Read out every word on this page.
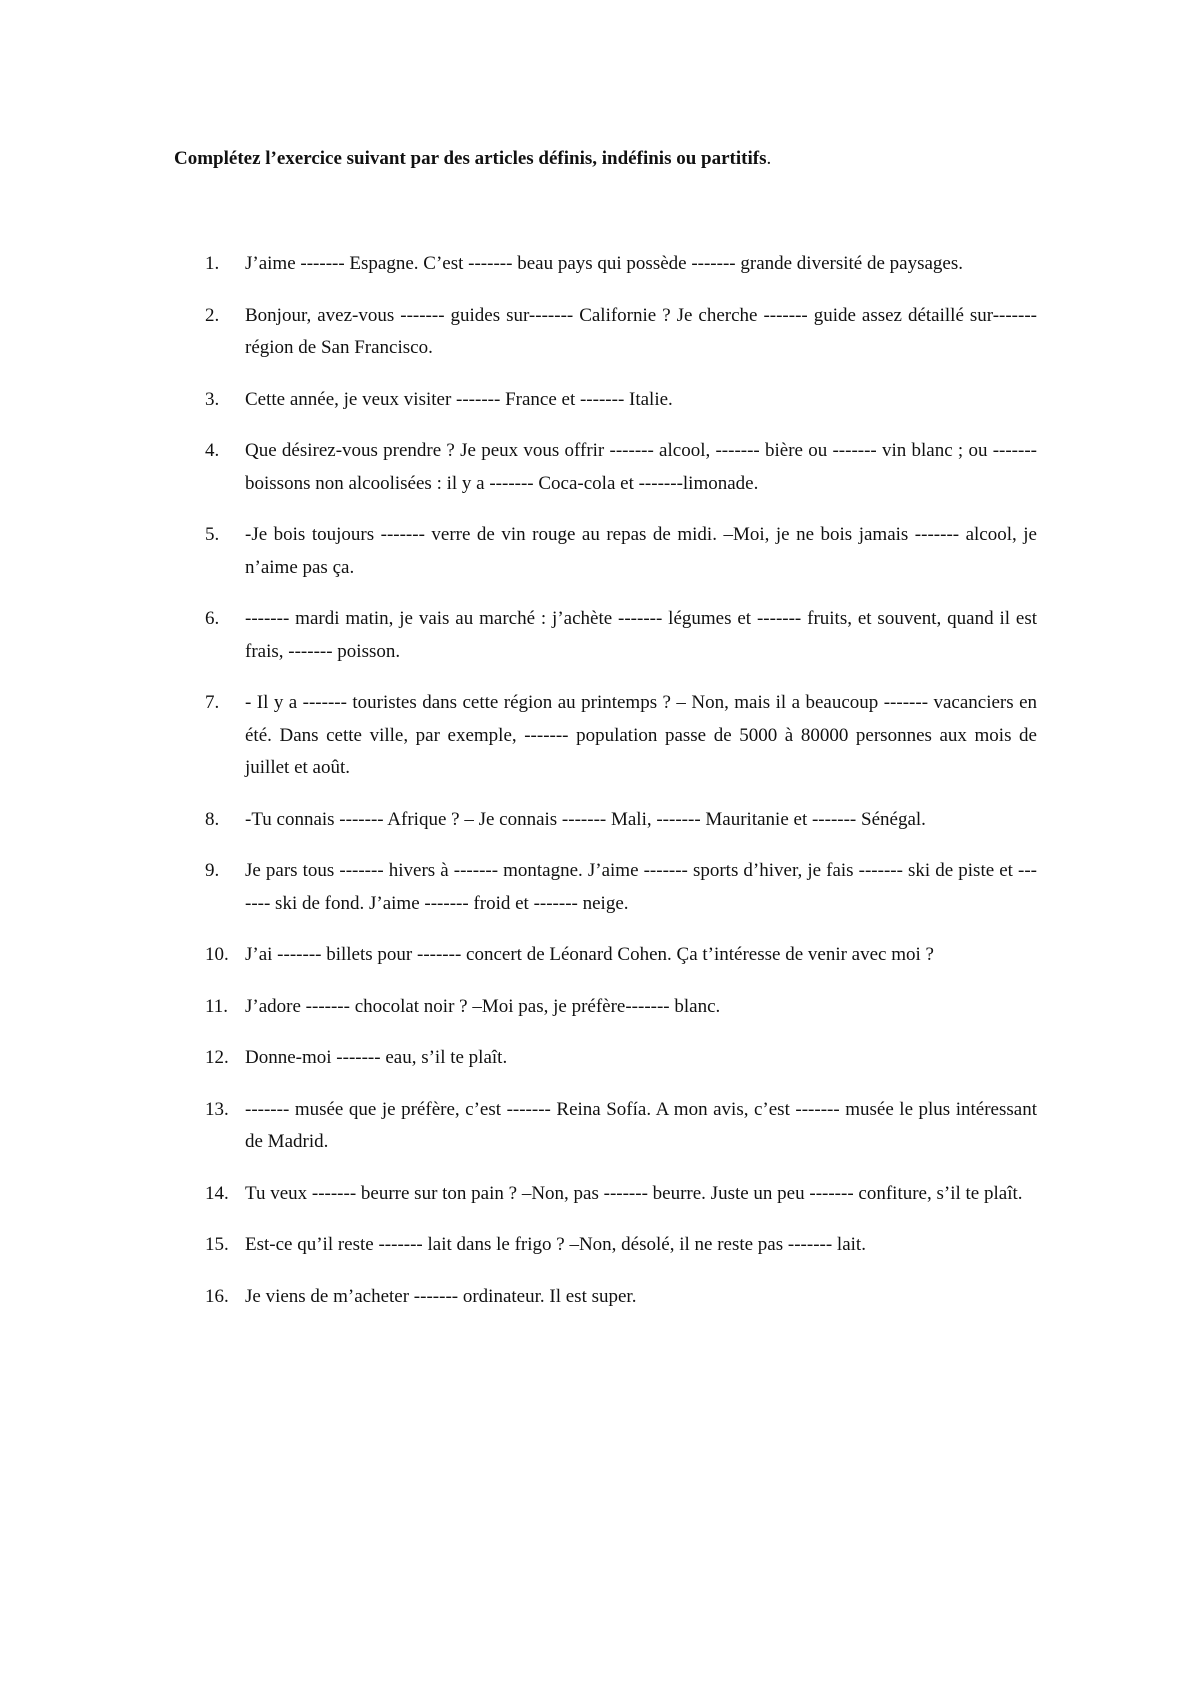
Complétez l’exercice suivant par des articles définis, indéfinis ou partitifs.

1.	J’aime ------- Espagne. C’est ------- beau pays qui possède ------- grande diversité de paysages.
2.	Bonjour, avez-vous ------- guides sur------- Californie ? Je cherche ------- guide assez détaillé sur------- région de San Francisco.
3.	Cette année, je veux visiter ------- France et ------- Italie.
4.	Que désirez-vous prendre ? Je peux vous offrir ------- alcool, ------- bière ou ------- vin blanc ; ou ------- boissons non alcoolisées : il y a ------- Coca-cola et -------limonade.
5.	-Je bois toujours ------- verre de vin rouge au repas de midi. –Moi, je ne bois jamais ------- alcool, je n’aime pas ça.
6.	------- mardi matin, je vais au marché : j’achète ------- légumes et ------- fruits, et souvent, quand il est frais, ------- poisson.
7.	- Il y a ------- touristes dans cette région au printemps ? – Non, mais il a beaucoup ------- vacanciers en été. Dans cette ville, par exemple, ------- population passe de 5000 à 80000 personnes aux mois de juillet et août.
8.	-Tu connais ------- Afrique ? – Je connais ------- Mali, ------- Mauritanie et ------- Sénégal.
9.	Je pars tous ------- hivers à ------- montagne. J’aime ------- sports d’hiver, je fais ------- ski de piste et ------- ski de fond. J’aime ------- froid et ------- neige.
10. J’ai ------- billets pour ------- concert de Léonard Cohen. Ça t’intéresse de venir avec moi ?
11. J’adore ------- chocolat noir ? –Moi pas, je préfère------- blanc.
12. Donne-moi ------- eau, s’il te plaît.
13. ------- musée que je préfère, c’est ------- Reina Sofía. A mon avis, c’est ------- musée le plus intéressant de Madrid.
14. Tu veux ------- beurre sur ton pain ? –Non, pas ------- beurre. Juste un peu ------- confiture, s’il te plaît.
15. Est-ce qu’il reste ------- lait dans le frigo ? –Non, désolé, il ne reste pas ------- lait.
16. Je viens de m’acheter ------- ordinateur. Il est super.
